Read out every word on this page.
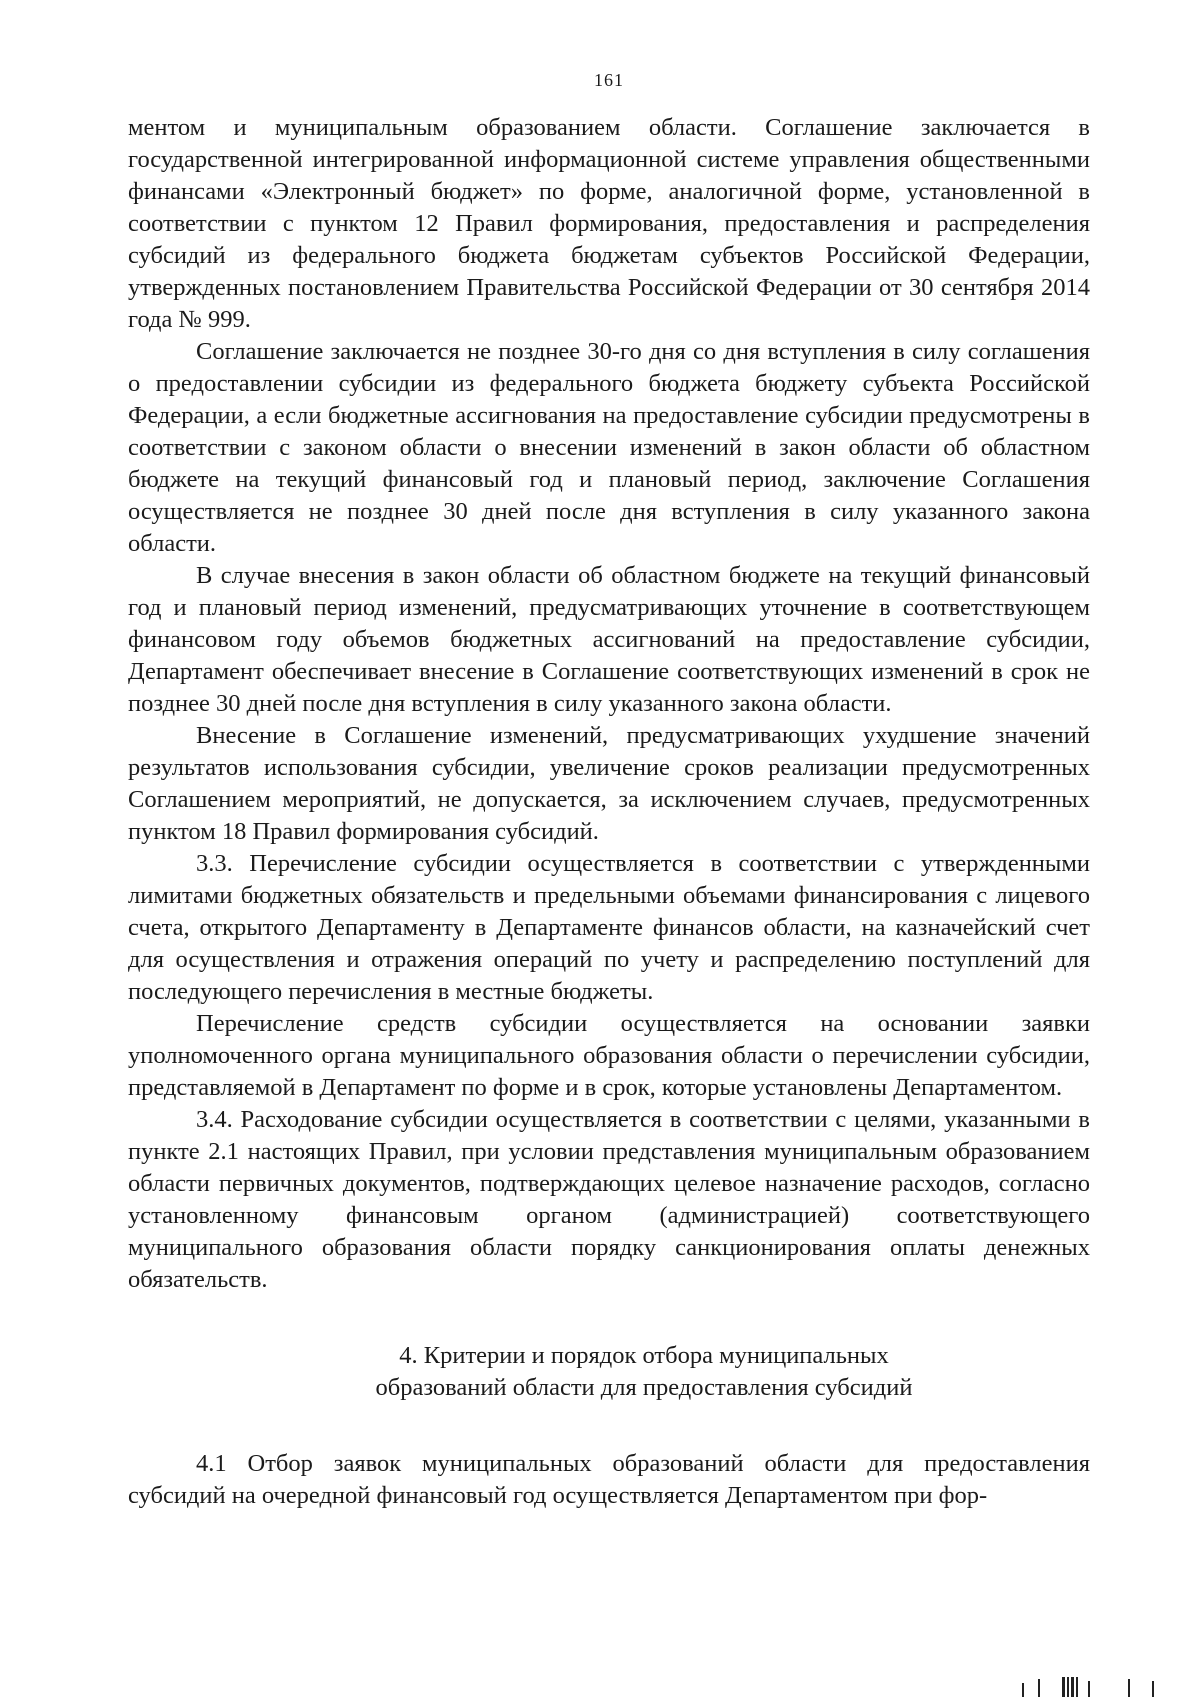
161

ментом и муниципальным образованием области. Соглашение заключается в государственной интегрированной информационной системе управления общественными финансами «Электронный бюджет» по форме, аналогичной форме, установленной в соответствии с пунктом 12 Правил формирования, предоставления и распределения субсидий из федерального бюджета бюджетам субъектов Российской Федерации, утвержденных постановлением Правительства Российской Федерации от 30 сентября 2014 года № 999.

Соглашение заключается не позднее 30-го дня со дня вступления в силу соглашения о предоставлении субсидии из федерального бюджета бюджету субъекта Российской Федерации, а если бюджетные ассигнования на предоставление субсидии предусмотрены в соответствии с законом области о внесении изменений в закон области об областном бюджете на текущий финансовый год и плановый период, заключение Соглашения осуществляется не позднее 30 дней после дня вступления в силу указанного закона области.

В случае внесения в закон области об областном бюджете на текущий финансовый год и плановый период изменений, предусматривающих уточнение в соответствующем финансовом году объемов бюджетных ассигнований на предоставление субсидии, Департамент обеспечивает внесение в Соглашение соответствующих изменений в срок не позднее 30 дней после дня вступления в силу указанного закона области.

Внесение в Соглашение изменений, предусматривающих ухудшение значений результатов использования субсидии, увеличение сроков реализации предусмотренных Соглашением мероприятий, не допускается, за исключением случаев, предусмотренных пунктом 18 Правил формирования субсидий.

3.3. Перечисление субсидии осуществляется в соответствии с утвержденными лимитами бюджетных обязательств и предельными объемами финансирования с лицевого счета, открытого Департаменту в Департаменте финансов области, на казначейский счет для осуществления и отражения операций по учету и распределению поступлений для последующего перечисления в местные бюджеты.

Перечисление средств субсидии осуществляется на основании заявки уполномоченного органа муниципального образования области о перечислении субсидии, представляемой в Департамент по форме и в срок, которые установлены Департаментом.

3.4. Расходование субсидии осуществляется в соответствии с целями, указанными в пункте 2.1 настоящих Правил, при условии представления муниципальным образованием области первичных документов, подтверждающих целевое назначение расходов, согласно установленному финансовым органом (администрацией) соответствующего муниципального образования области порядку санкционирования оплаты денежных обязательств.

4. Критерии и порядок отбора муниципальных
образований области для предоставления субсидий

4.1 Отбор заявок муниципальных образований области для предоставления субсидий на очередной финансовый год осуществляется Департаментом при фор-
